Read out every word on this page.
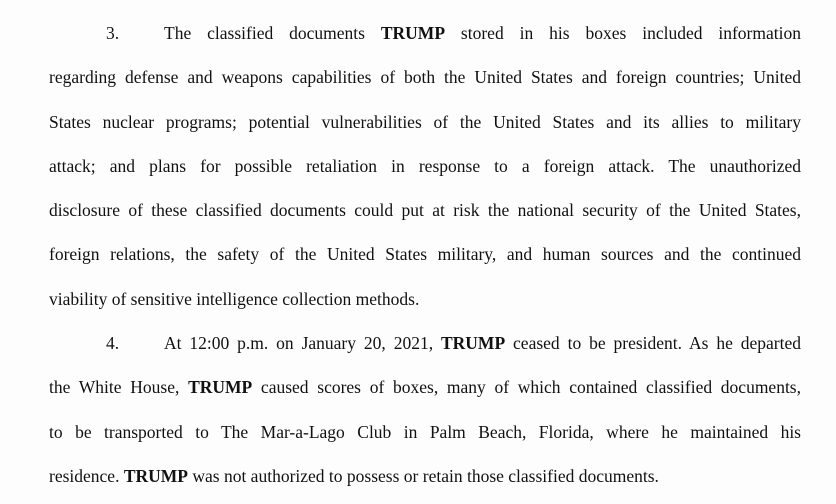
3.	The classified documents TRUMP stored in his boxes included information
regarding defense and weapons capabilities of both the United States and foreign countries; United
States nuclear programs; potential vulnerabilities of the United States and its allies to military
attack; and plans for possible retaliation in response to a foreign attack. The unauthorized
disclosure of these classified documents could put at risk the national security of the United States,
foreign relations, the safety of the United States military, and human sources and the continued
viability of sensitive intelligence collection methods.
4.	At 12:00 p.m. on January 20, 2021, TRUMP ceased to be president. As he departed
the White House, TRUMP caused scores of boxes, many of which contained classified documents,
to be transported to The Mar-a-Lago Club in Palm Beach, Florida, where he maintained his
residence. TRUMP was not authorized to possess or retain those classified documents.
